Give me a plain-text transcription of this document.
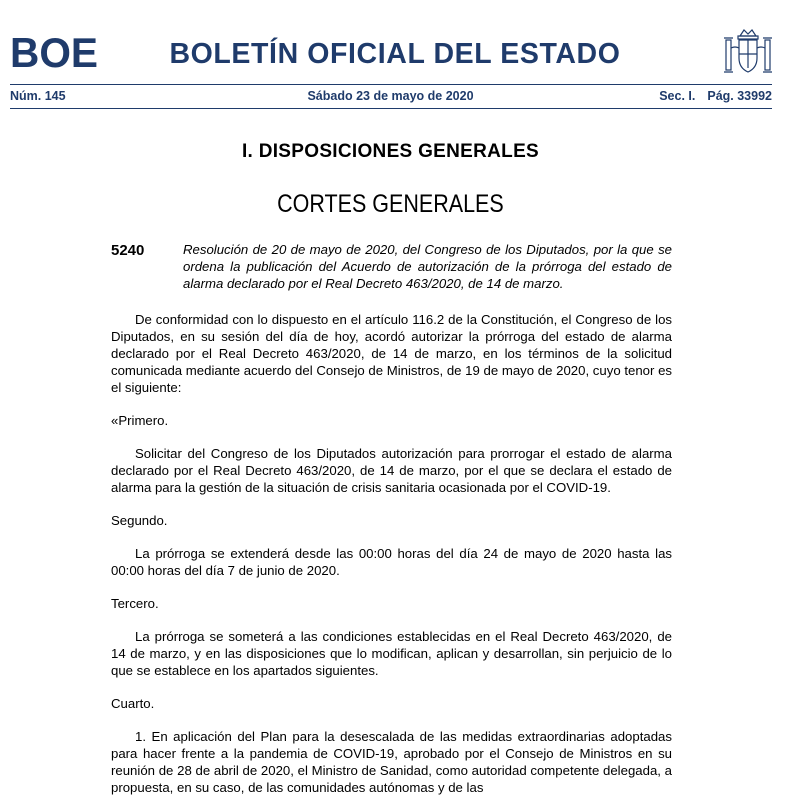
BOE	BOLETÍN OFICIAL DEL ESTADO
Núm. 145	Sábado 23 de mayo de 2020	Sec. I. Pág. 33992
I. DISPOSICIONES GENERALES
CORTES GENERALES
5240	Resolución de 20 de mayo de 2020, del Congreso de los Diputados, por la que se ordena la publicación del Acuerdo de autorización de la prórroga del estado de alarma declarado por el Real Decreto 463/2020, de 14 de marzo.

De conformidad con lo dispuesto en el artículo 116.2 de la Constitución, el Congreso de los Diputados, en su sesión del día de hoy, acordó autorizar la prórroga del estado de alarma declarado por el Real Decreto 463/2020, de 14 de marzo, en los términos de la solicitud comunicada mediante acuerdo del Consejo de Ministros, de 19 de mayo de 2020, cuyo tenor es el siguiente:

«Primero.

Solicitar del Congreso de los Diputados autorización para prorrogar el estado de alarma declarado por el Real Decreto 463/2020, de 14 de marzo, por el que se declara el estado de alarma para la gestión de la situación de crisis sanitaria ocasionada por el COVID-19.

Segundo.

La prórroga se extenderá desde las 00:00 horas del día 24 de mayo de 2020 hasta las 00:00 horas del día 7 de junio de 2020.

Tercero.

La prórroga se someterá a las condiciones establecidas en el Real Decreto 463/2020, de 14 de marzo, y en las disposiciones que lo modifican, aplican y desarrollan, sin perjuicio de lo que se establece en los apartados siguientes.

Cuarto.

1. En aplicación del Plan para la desescalada de las medidas extraordinarias adoptadas para hacer frente a la pandemia de COVID-19, aprobado por el Consejo de Ministros en su reunión de 28 de abril de 2020, el Ministro de Sanidad, como autoridad competente delegada, a propuesta, en su caso, de las comunidades autónomas y de las
